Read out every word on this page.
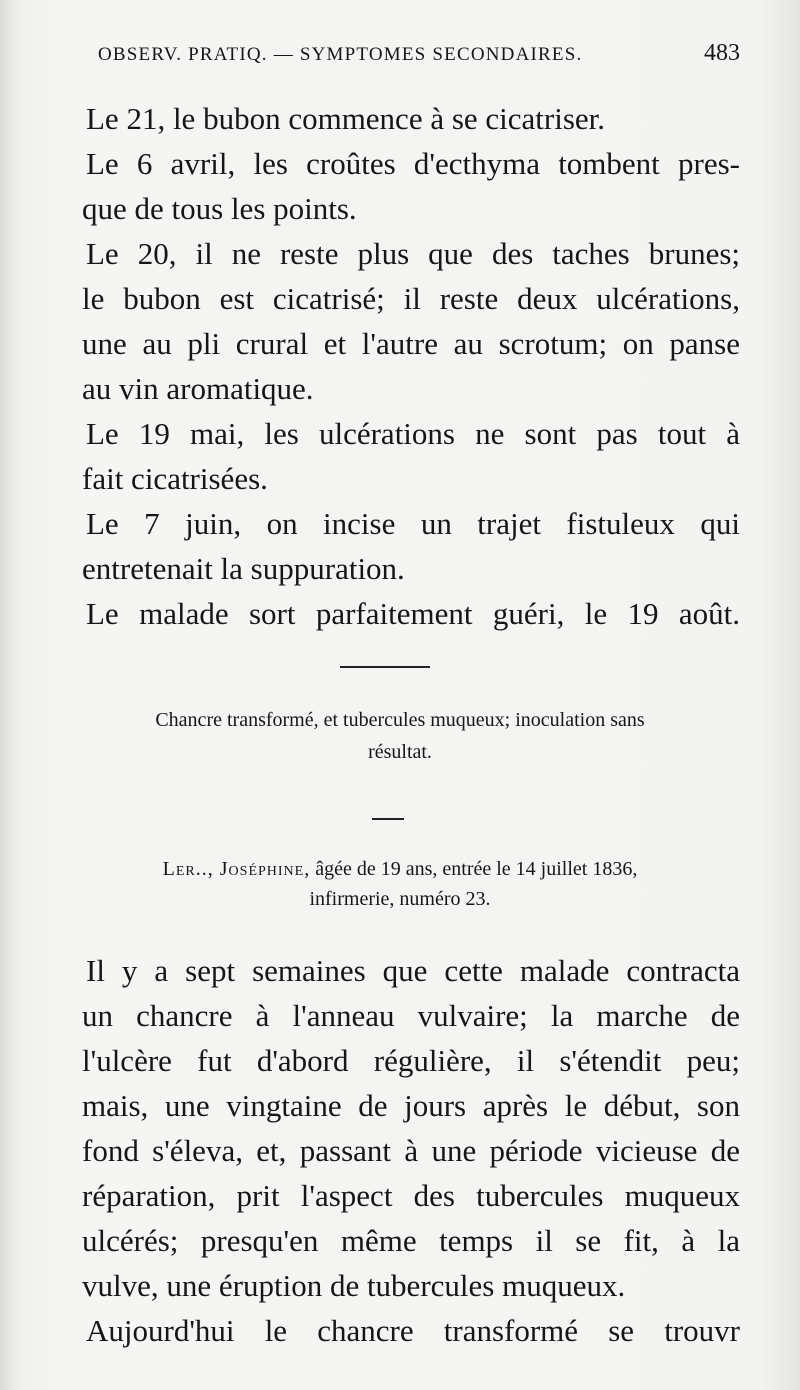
OBSERV. PRATIQ. — SYMPTOMES SECONDAIRES.	483
Le 21, le bubon commence à se cicatriser.
Le 6 avril, les croûtes d'ecthyma tombent pres-
que de tous les points.
Le 20, il ne reste plus que des taches brunes;
le bubon est cicatrisé; il reste deux ulcérations,
une au pli crural et l'autre au scrotum; on panse
au vin aromatique.
Le 19 mai, les ulcérations ne sont pas tout à
fait cicatrisées.
Le 7 juin, on incise un trajet fistuleux qui
entretenait la suppuration.
Le malade sort parfaitement guéri, le 19 août.
Chancre transformé, et tubercules muqueux; inoculation sans
résultat.
Ler.., Joséphine, âgée de 19 ans, entrée le 14 juillet 1836,
infirmerie, numéro 23.
Il y a sept semaines que cette malade contracta
un chancre à l'anneau vulvaire; la marche de
l'ulcère fut d'abord régulière, il s'étendit peu;
mais, une vingtaine de jours après le début, son
fond s'éleva, et, passant à une période vicieuse de
réparation, prit l'aspect des tubercules muqueux
ulcérés; presqu'en même temps il se fit, à la
vulve, une éruption de tubercules muqueux.
Aujourd'hui le chancre transformé se trouvr
